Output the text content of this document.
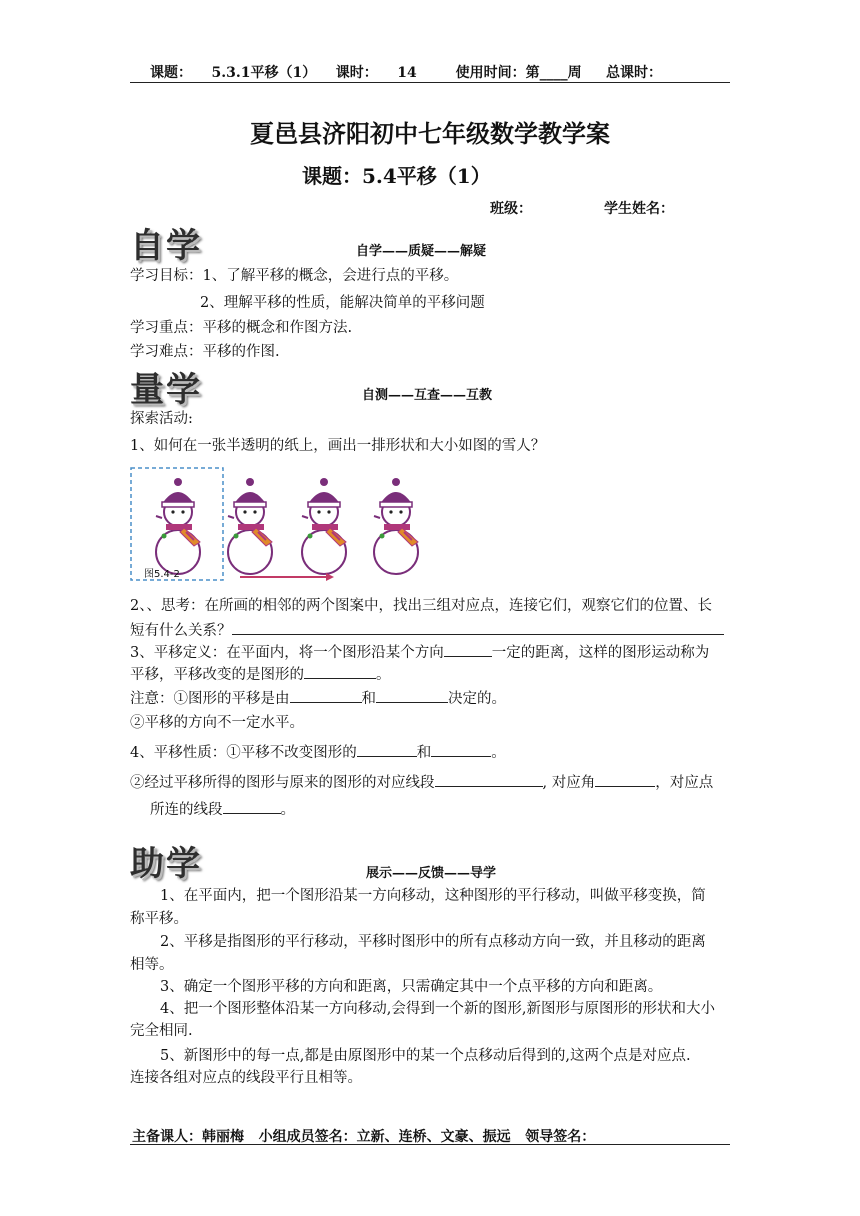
课题：    5.3.1平移（1）    课时：    14        使用时间：第____周     总课时：
夏邑县济阳初中七年级数学教学案
课题：5.4平移（1）
班级：	学生姓名：
自学	自学——质疑——解疑
学习目标：1、了解平移的概念，会进行点的平移。
2、理解平移的性质，能解决简单的平移问题
学习重点：平移的概念和作图方法.
学习难点：平移的作图.
量学	自测——互查——互教
探索活动:
1、如何在一张半透明的纸上，画出一排形状和大小如图的雪人？
图5.4-2
2、、思考：在所画的相邻的两个图案中，找出三组对应点，连接它们，观察它们的位置、长
短有什么关系？
3、平移定义：在平面内，将一个图形沿某个方向	一定的距离，这样的图形运动称为
平移，平移改变的是图形的	。
注意：①图形的平移是由	和	决定的。
②平移的方向不一定水平。
4、平移性质：①平移不改变图形的	和	。
②经过平移所得的图形与原来的图形的对应线段	, 对应角	，对应点
所连的线段	。
助学	展示——反馈——导学
1、在平面内，把一个图形沿某一方向移动，这种图形的平行移动，叫做平移变换，简
称平移。
2、平移是指图形的平行移动，平移时图形中的所有点移动方向一致，并且移动的距离
相等。
3、确定一个图形平移的方向和距离，只需确定其中一个点平移的方向和距离。
4、把一个图形整体沿某一方向移动,会得到一个新的图形,新图形与原图形的形状和大小
完全相同.
5、新图形中的每一点,都是由原图形中的某一个点移动后得到的,这两个点是对应点.
连接各组对应点的线段平行且相等。
主备课人：韩丽梅   小组成员签名：立新、连桥、文豪、振远   领导签名：
